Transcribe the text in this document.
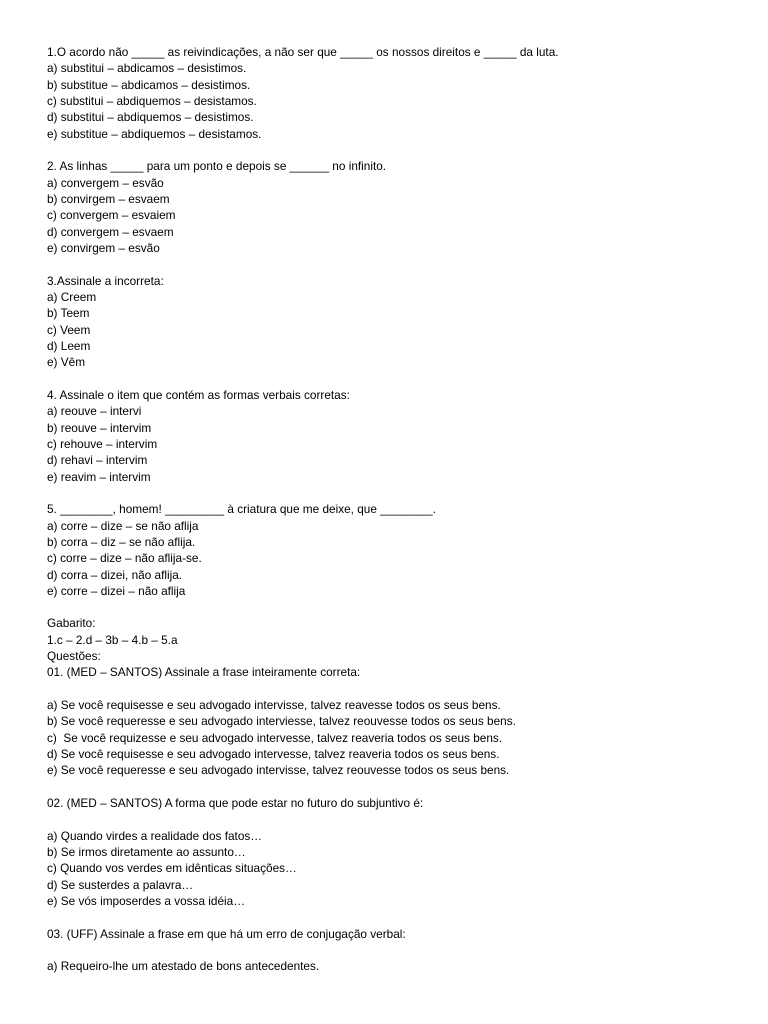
1.O acordo não _____ as reivindicações, a não ser que _____ os nossos direitos e _____ da luta.
a) substitui – abdicamos – desistimos.
b) substitue – abdicamos – desistimos.
c) substitui – abdiquemos – desistamos.
d) substitui – abdiquemos – desistimos.
e) substitue – abdiquemos – desistamos.
2. As linhas _____ para um ponto e depois se ______ no infinito.
a) convergem – esvão
b) convirgem – esvaem
c) convergem – esvaiem
d) convergem – esvaem
e) convirgem – esvão
3.Assinale a incorreta:
a) Creem
b) Teem
c) Veem
d) Leem
e) Vêm
4. Assinale o item que contém as formas verbais corretas:
a) reouve – intervi
b) reouve – intervim
c) rehouve – intervim
d) rehavi – intervim
e) reavim – intervim
5. ________, homem! _________ à criatura que me deixe, que ________.
a) corre – dize – se não aflija
b) corra – diz – se não aflija.
c) corre – dize – não aflija-se.
d) corra – dizei, não aflija.
e) corre – dizei – não aflija
Gabarito:
1.c – 2.d – 3b – 4.b – 5.a
Questões:
01. (MED – SANTOS) Assinale a frase inteiramente correta:
a) Se você requisesse e seu advogado intervisse, talvez reavesse todos os seus bens.
b) Se você requeresse e seu advogado interviesse, talvez reouvesse todos os seus bens.
c)  Se você requizesse e seu advogado intervesse, talvez reaveria todos os seus bens.
d) Se você requisesse e seu advogado intervesse, talvez reaveria todos os seus bens.
e) Se você requeresse e seu advogado intervisse, talvez reouvesse todos os seus bens.
02. (MED – SANTOS) A forma que pode estar no futuro do subjuntivo é:
a) Quando virdes a realidade dos fatos…
b) Se irmos diretamente ao assunto…
c) Quando vos verdes em idênticas situações…
d) Se susterdes a palavra…
e) Se vós imposerdes a vossa idéia…
03. (UFF) Assinale a frase em que há um erro de conjugação verbal:
a) Requeiro-lhe um atestado de bons antecedentes.
